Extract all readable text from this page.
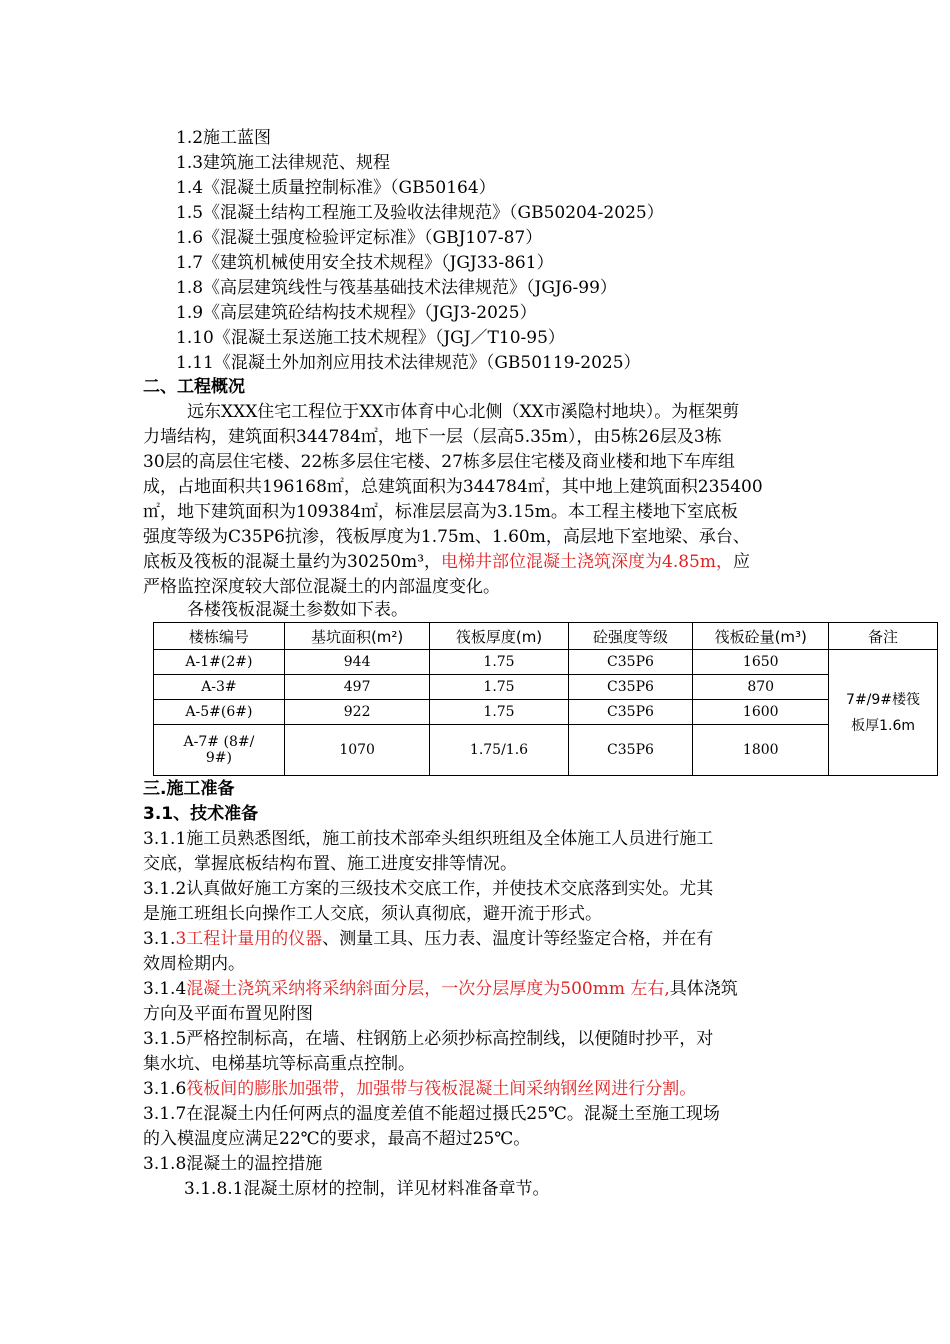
1.2施工蓝图
1.3建筑施工法律规范、规程
1.4《混凝土质量控制标准》（GB50164）
1.5《混凝土结构工程施工及验收法律规范》（GB50204-2025）
1.6《混凝土强度检验评定标准》（GBJ107-87）
1.7《建筑机械使用安全技术规程》（JGJ33-861）
1.8《高层建筑线性与筏基基础技术法律规范》（JGJ6-99）
1.9《高层建筑砼结构技术规程》（JGJ3-2025）
1.10《混凝土泵送施工技术规程》（JGJ／T10-95）
1.11《混凝土外加剂应用技术法律规范》（GB50119-2025）
二、工程概况
远东XXX住宅工程位于XX市体育中心北侧（XX市溪隐村地块）。为框架剪
力墙结构，建筑面积344784㎡，地下一层（层高5.35m），由5栋26层及3栋
30层的高层住宅楼、22栋多层住宅楼、27栋多层住宅楼及商业楼和地下车库组
成，占地面积共196168㎡，总建筑面积为344784㎡，其中地上建筑面积235400
㎡，地下建筑面积为109384㎡，标准层层高为3.15m。本工程主楼地下室底板
强度等级为C35P6抗渗，筏板厚度为1.75m、1.60m，高层地下室地梁、承台、
底板及筏板的混凝土量约为30250m³，电梯井部位混凝土浇筑深度为4.85m，应
严格监控深度较大部位混凝土的内部温度变化。
各楼筏板混凝土参数如下表。
楼栋编号	基坑面积(m²)	筏板厚度(m)	砼强度等级	筏板砼量(m³)	备注
A-1#(2#)	944	1.75	C35P6	1650	7#/9#楼筏
板厚1.6m
A-3#	497	1.75	C35P6	870	
A-5#(6#)	922	1.75	C35P6	1600	
A-7# (8#/
9#)	1070	1.75/1.6	C35P6	1800	
三.施工准备
3.1、技术准备
3.1.1施工员熟悉图纸，施工前技术部牵头组织班组及全体施工人员进行施工
交底，掌握底板结构布置、施工进度安排等情况。
3.1.2认真做好施工方案的三级技术交底工作，并使技术交底落到实处。尤其
是施工班组长向操作工人交底，须认真彻底，避开流于形式。
3.1.3工程计量用的仪器、测量工具、压力表、温度计等经鉴定合格，并在有
效周检期内。
3.1.4混凝土浇筑采纳将采纳斜面分层，一次分层厚度为500mm 左右,具体浇筑
方向及平面布置见附图
3.1.5严格控制标高，在墙、柱钢筋上必须抄标高控制线，以便随时抄平，对
集水坑、电梯基坑等标高重点控制。
3.1.6筏板间的膨胀加强带，加强带与筏板混凝土间采纳钢丝网进行分割。
3.1.7在混凝土内任何两点的温度差值不能超过摄氏25℃。混凝土至施工现场
的入模温度应满足22℃的要求，最高不超过25℃。
3.1.8混凝土的温控措施
3.1.8.1混凝土原材的控制，详见材料准备章节。
